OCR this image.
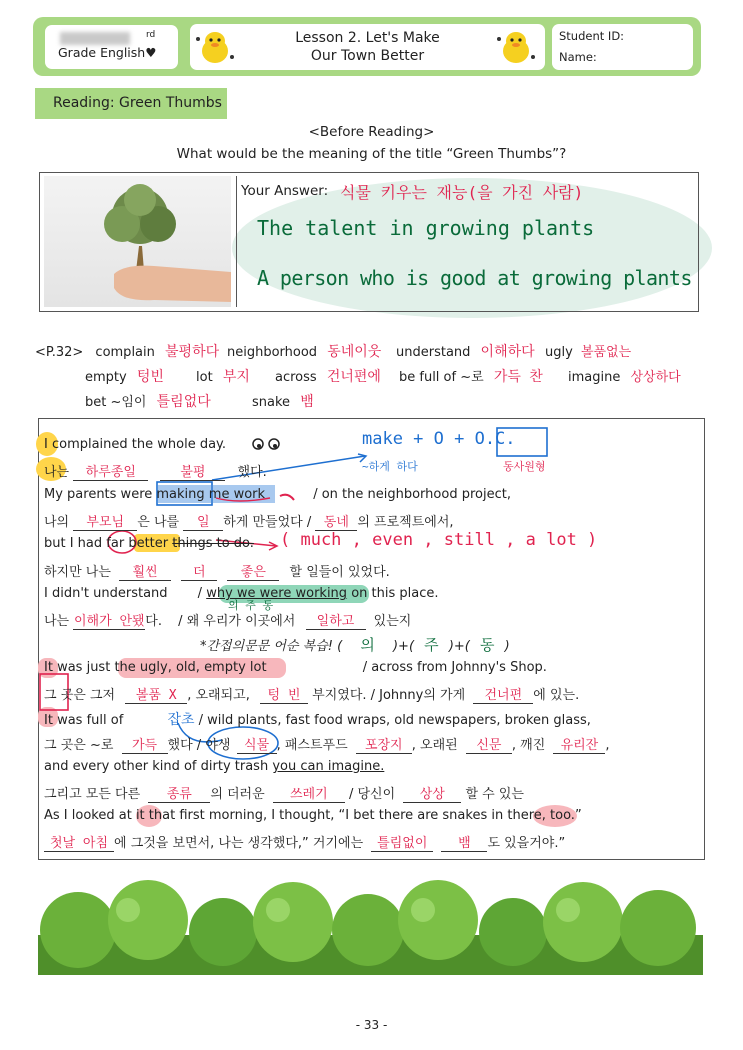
rd
Grade English♥
Lesson 2. Let's Make
Our Town Better
Student ID:
Name:
Reading: Green Thumbs
<Before Reading>
What would be the meaning of the title “Green Thumbs”?
Your Answer: 식물 키우는 재능(을 가진 사람)
The talent in growing plants
A person who is good at growing plants
<P.32> complain 불평하다 neighborhood 동네이웃 understand 이해하다 ugly 볼품없는
empty 텅빈 lot 부지 across 건너편에 be full of ~로 가득 찬 imagine 상상하다
bet ~임이 틀림없다	snake 뱀
I complained the whole day.	make + O + O.C.
~하게 하다	동사원형
나는 하루종일	불평 했다.
My parents were making me work	/ on the neighborhood project,
나의 부모님 은 나를 일 하게 만들었다 / 동네 의 프로젝트에서,
but I had far better things to do. ( much , even , still , a lot )
하지만 나는 훨씬	더	좋은 할 일들이 있었다.
I didn't understand / why we were working on this place.
의 주 동
나는 이해가 안됐다. / 왜 우리가 이곳에서 일하고 있는지
*간접의문문 어순 복습! ( 의 )+( 주 )+( 동 )
It was just the ugly, old, empty lot	/ across from Johnny's Shop.
그 곳은 그저 볼품 X , 오래되고, 텅 빈 부지였다. / Johnny의 가게 건너편 에 있는.
It was full of	잡초 / wild plants, fast food wraps, old newspapers, broken glass,
그 곳은 ~로 가득 했다 / 야생 식물 , 패스트푸드 포장지 , 오래된 신문 , 깨진 유리잔 ,
and every other kind of dirty trash you can imagine.
그리고 모든 다른 종류 의 더러운 쓰레기 / 당신이 상상 할 수 있는
As I looked at it that first morning, I thought, “I bet there are snakes in there, too.”
첫날 아침 에 그것을 보면서, 나는 생각했다,” 거기에는 틀림없이 뱀 도 있을거야.”
- 33 -
